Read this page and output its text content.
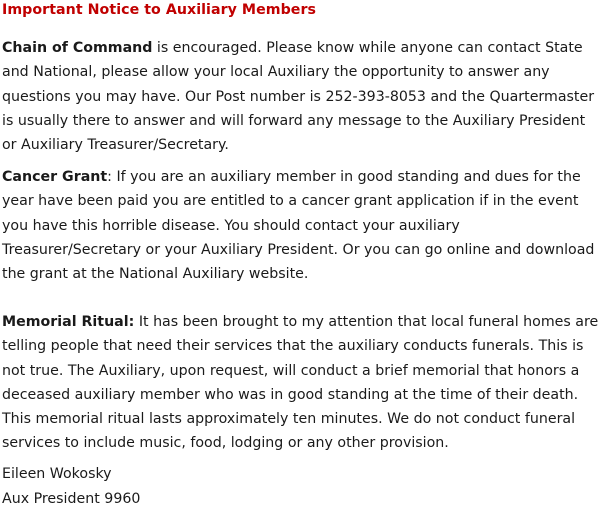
Important Notice to Auxiliary Members
Chain of Command is encouraged. Please know while anyone can contact State and National, please allow your local Auxiliary the opportunity to answer any questions you may have. Our Post number is 252-393-8053 and the Quartermaster is usually there to answer and will forward any message to the Auxiliary President or Auxiliary Treasurer/Secretary.
Cancer Grant: If you are an auxiliary member in good standing and dues for the year have been paid you are entitled to a cancer grant application if in the event you have this horrible disease. You should contact your auxiliary Treasurer/Secretary or your Auxiliary President. Or you can go online and download the grant at the National Auxiliary website.
Memorial Ritual: It has been brought to my attention that local funeral homes are telling people that need their services that the auxiliary conducts funerals. This is not true. The Auxiliary, upon request, will conduct a brief memorial that honors a deceased auxiliary member who was in good standing at the time of their death. This memorial ritual lasts approximately ten minutes. We do not conduct funeral services to include music, food, lodging or any other provision.
Eileen Wokosky
Aux President 9960
